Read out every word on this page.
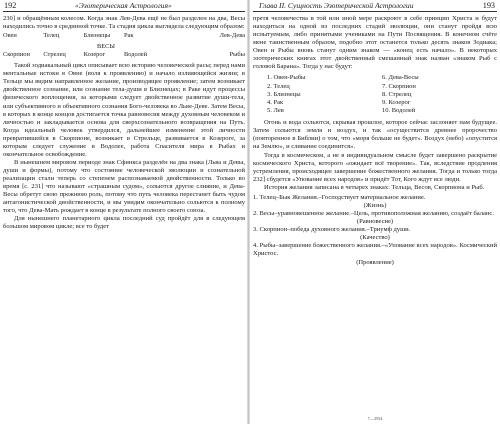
192	«Эзотерическая Астрология»

230] и обращённым колесом. Когда знак Лев-Дева ещё не был разделен на два, Весы находились точно в срединной точке. Та стадия цикла выглядела следующим образом:

Овен	Телец	Близнецы	Рак	Лев-Дева
ВЕСЫ
Скорпион	Стрелец	Козерог	Водолей	Рыбы

Такой зодиакальный цикл описывает всю историю человеческой расы; перед нами ментальные истоки в Овне (воля к проявлению) и начало излияющейся жизни; в Тельце мы видим направленное желание, производящее проявление; затем возникает двойственное сознание, или сознание тела-души в Близнецах; в Раке идут процессы физического воплощения, за которыми следует двойственное развитие души-тела, или субъективного и объективного сознания Бого-человека во Льве-Деве. Затем Весы, в которых в конце концов достигается точка равновесия между духовным человеком и личностью и закладывается основа для сверхсознательного возвращения на Путь. Когда идеальный человек утвердился, дальнейшее изменение этой личности превратившейся в Скорпионе, возникает в Стрельце, развивается в Козероге, за которым следует служение в Водолее, работа Спасителя мира в Рыбах и окончательное освобождение.

В нынешнем мировом периоде знак Сфинкса разделён на два знака (Льва и Девы, души и формы), потому что состояние человеческой эволюции и сознательной реализации стали теперь со степенем распознаваемой двойственности. Только во время [с. 231] что называют «страшным судом», сольются другое слияние, и Дева-Весы обретут свою прежнюю роль, потому что путь человека перестанет быть чудом антагонистической двойственности, и мы увидим окончательно сольются к полному того, что Дева-Мать рождает в конце в результате полного своего союза.

Для нынешнего планетарного цикла последний суд пройдёт для в следующем большом мировом цикле; все то будет

Глава II. Сущность Эзотерической Астрологии	193

претя человечества в той или иной мере раскроют в себе принцип Христа и будут находиться на одной из последних стадий эволюции, они станут пройдя всю испытуемым, либо принятыми учениками на Пути Посвящения. В конечном счёте мене таинственным образом, подобно этот останется только десять знаков Зодиака; Овен и Рыбы вновь станут одним знаком — «конец есть начало». В некоторых эзотерических книгах этот двойственный смешанный знак назван «знаком Рыб с головой Барана». Тогда у нас будут:

1. Овен-Рыбы
2. Телец
3. Близнецы
4. Рак
5. Лев
6. Дева-Весы
7. Скорпион
8. Стрелец
9. Козерог
10. Водолей

Огонь и вода сольются, скрывая прошлое, которое сейчас заслоняет нам будущее. Затем сольются земля и воздух, и так «осуществится древнее пророчество (повторенное в Библии) о том, что «моря больше не будет». Воздух (небо) «опустится на Землю», и сливание соединится».

Тогда в космическом, а не в индивидуальном смысле будет завершено раскрытие космического Христа, которого «ожидает всё творение». Так, вследствие продления устремления, происходящее завершение божественного желания. Тогда и только тогда 232] сбудется «Упование всех народов» и придёт Тот, Кого ждут все люди.

История желания записана в четырех знаках: Тельца, Весов, Скорпиона и Рыб.

1. Телец–Бык Желания.–Господствует материальное желание.
(Жизнь)
2. Весы–уравновешенное желание.–Цель, противоположная желанию, создаёт баланс.
(Равновесие)
3. Скорпион–победа духовного желания.–Триумф души.
(Качество)
4. Рыбы–завершение божественного желания.–«Упование всех народов». Космический Христос.
(Проявление)
7—2554
